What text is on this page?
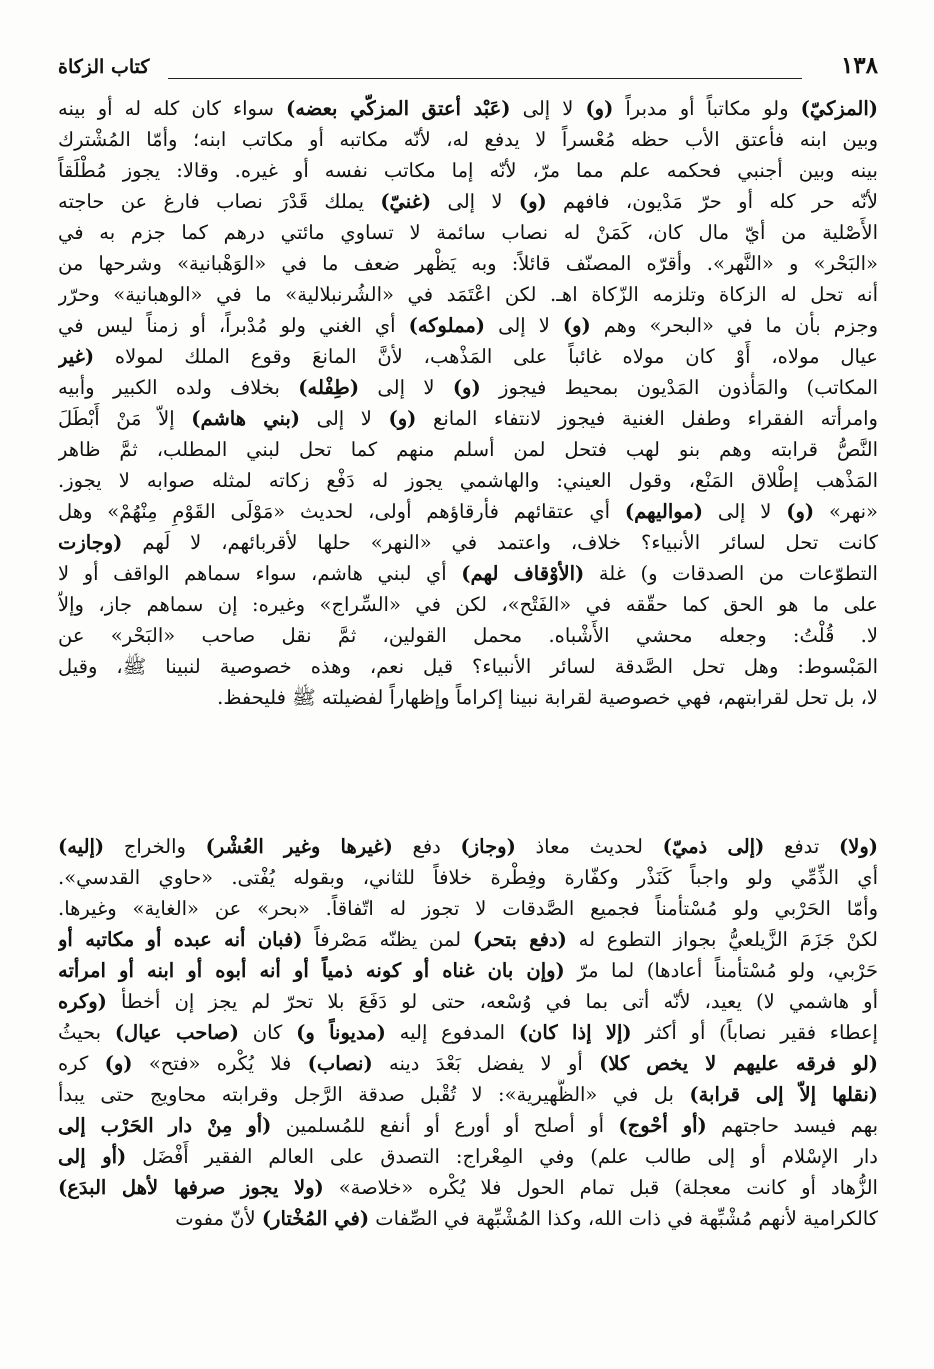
١٣٨
كتاب الزكاة
(المزكيّ) ولو مكاتباً أو مدبراً (و) لا إلى (عَبْد أعتق المزكّي بعضه) سواء كان كله له أو بينه
وبين ابنه فأعتق الأب حظه مُعْسراً لا يدفع له، لأنّه مكاتبه أو مكاتب ابنه؛ وأمّا المُشْترك
بينه وبين أجنبي فحكمه علم مما مرّ، لأنّه إما مكاتب نفسه أو غيره. وقالا: يجوز مُطْلَقاً
لأنّه حر كله أو حرّ مَدْيون، فافهم (و) لا إلى (غنيّ) يملك قَدْرَ نصاب فارغ عن حاجته
الأَصْلية من أيّ مال كان، كَمَنْ له نصاب سائمة لا تساوي مائتي درهم كما جزم به في
«البَحْر» و «النَّهر». وأقرّه المصنّف قائلاً: وبه يَظْهر ضعف ما في «الوَهْبانية» وشرحها من
أنه تحل له الزكاة وتلزمه الزّكاة اهـ. لكن اعْتَمَد في «الشُرنبلالية» ما في «الوهبانية» وحرّر
وجزم بأن ما في «البحر» وهم (و) لا إلى (مملوكه) أي الغني ولو مُدْبراً، أو زمناً ليس في
عيال مولاه، أَوْ كان مولاه غائباً على المَذْهب، لأنَّ المانعَ وقوع الملك لمولاه (غير
المكاتب) والمَأْذون المَدْيون بمحيط فيجوز (و) لا إلى (طِفْله) بخلاف ولده الكبير وأبيه
وامرأته الفقراء وطفل الغنية فيجوز لانتفاء المانع (و) لا إلى (بني هاشم) إلاّ مَنْ أَبْطَلَ
النَّصُّ قرابته وهم بنو لهب فتحل لمن أسلم منهم كما تحل لبني المطلب، ثمَّ ظاهر
المَذْهب إطْلاق المَنْع، وقول العيني: والهاشمي يجوز له دَفْع زكاته لمثله صوابه لا يجوز.
«نهر» (و) لا إلى (مواليهم) أي عتقائهم فأرقاؤهم أولى، لحديث «مَوْلَى القَوْمِ مِنْهُمْ» وهل
كانت تحل لسائر الأنبياء؟ خلاف، واعتمد في «النهر» حلها لأقربائهم، لا لَهم (وجازت
التطوّعات من الصدقات و) غلة (الأوْقاف لهم) أي لبني هاشم، سواء سماهم الواقف أو لا
على ما هو الحق كما حقّقه في «الفَتْح»، لكن في «السِّراج» وغيره: إن سماهم جاز، وإلاّ
لا. قُلْتُ: وجعله محشي الأَشْباه. محمل القولين، ثمَّ نقل صاحب «البَحْر» عن
المَبْسوط: وهل تحل الصَّدقة لسائر الأنبياء؟ قيل نعم، وهذه خصوصية لنبينا ﷺ، وقيل
لا، بل تحل لقرابتهم، فهي خصوصية لقرابة نبينا إكراماً وإظهاراً لفضيلته ﷺ فليحفظ.
(ولا) تدفع (إلى ذميّ) لحديث معاذ (وجاز) دفع (غيرها وغير العُشْر) والخراج (إليه)
أي الذِّمِّي ولو واجباً كَنَذْر وكفّارة وفِطْرة خلافاً للثاني، وبقوله يُفْتى. «حاوي القدسي».
وأمّا الحَرْبي ولو مُسْتأمناً فجميع الصَّدقات لا تجوز له اتّفاقاً. «بحر» عن «الغاية» وغيرها.
لكنْ جَزَمَ الزَّيلعيُّ بجواز التطوع له (دفع بتحر) لمن يظنّه مَصْرفاً (فبان أنه عبده أو مكاتبه أو
حَرْبي، ولو مُسْتأمناً أعادها) لما مرّ (وإن بان غناه أو كونه ذمياً أو أنه أبوه أو ابنه أو امرأته
أو هاشمي لا) يعيد، لأنّه أتى بما في وُسْعه، حتى لو دَفَعَ بلا تحرّ لم يجز إن أخطأ (وكره
إعطاء فقير نصاباً) أو أكثر (إلا إذا كان) المدفوع إليه (مديوناً و) كان (صاحب عيال) بحيثُ
(لو فرقه عليهم لا يخص كلا) أو لا يفضل بَعْدَ دينه (نصاب) فلا يُكْره «فتح» (و) كره
(نقلها إلاّ إلى قرابة) بل في «الظَّهيرية»: لا تُقْبل صدقة الرَّجل وقرابته محاويج حتى يبدأ
بهم فيسد حاجتهم (أو أحْوج) أو أصلح أو أورع أو أنفع للمُسلمين (أو مِنْ دار الحَرْب إلى
دار الإسْلام أو إلى طالب علم) وفي المِعْراج: التصدق على العالم الفقير أَفْضَل (أو إلى
الزُّهاد أو كانت معجلة) قبل تمام الحول فلا يُكْره «خلاصة» (ولا يجوز صرفها لأهل البدَع)
كالكرامية لأنهم مُشْبِّهة في ذات الله، وكذا المُشْبِّهة في الصِّفات (في المُخْتار) لأنّ مفوت
